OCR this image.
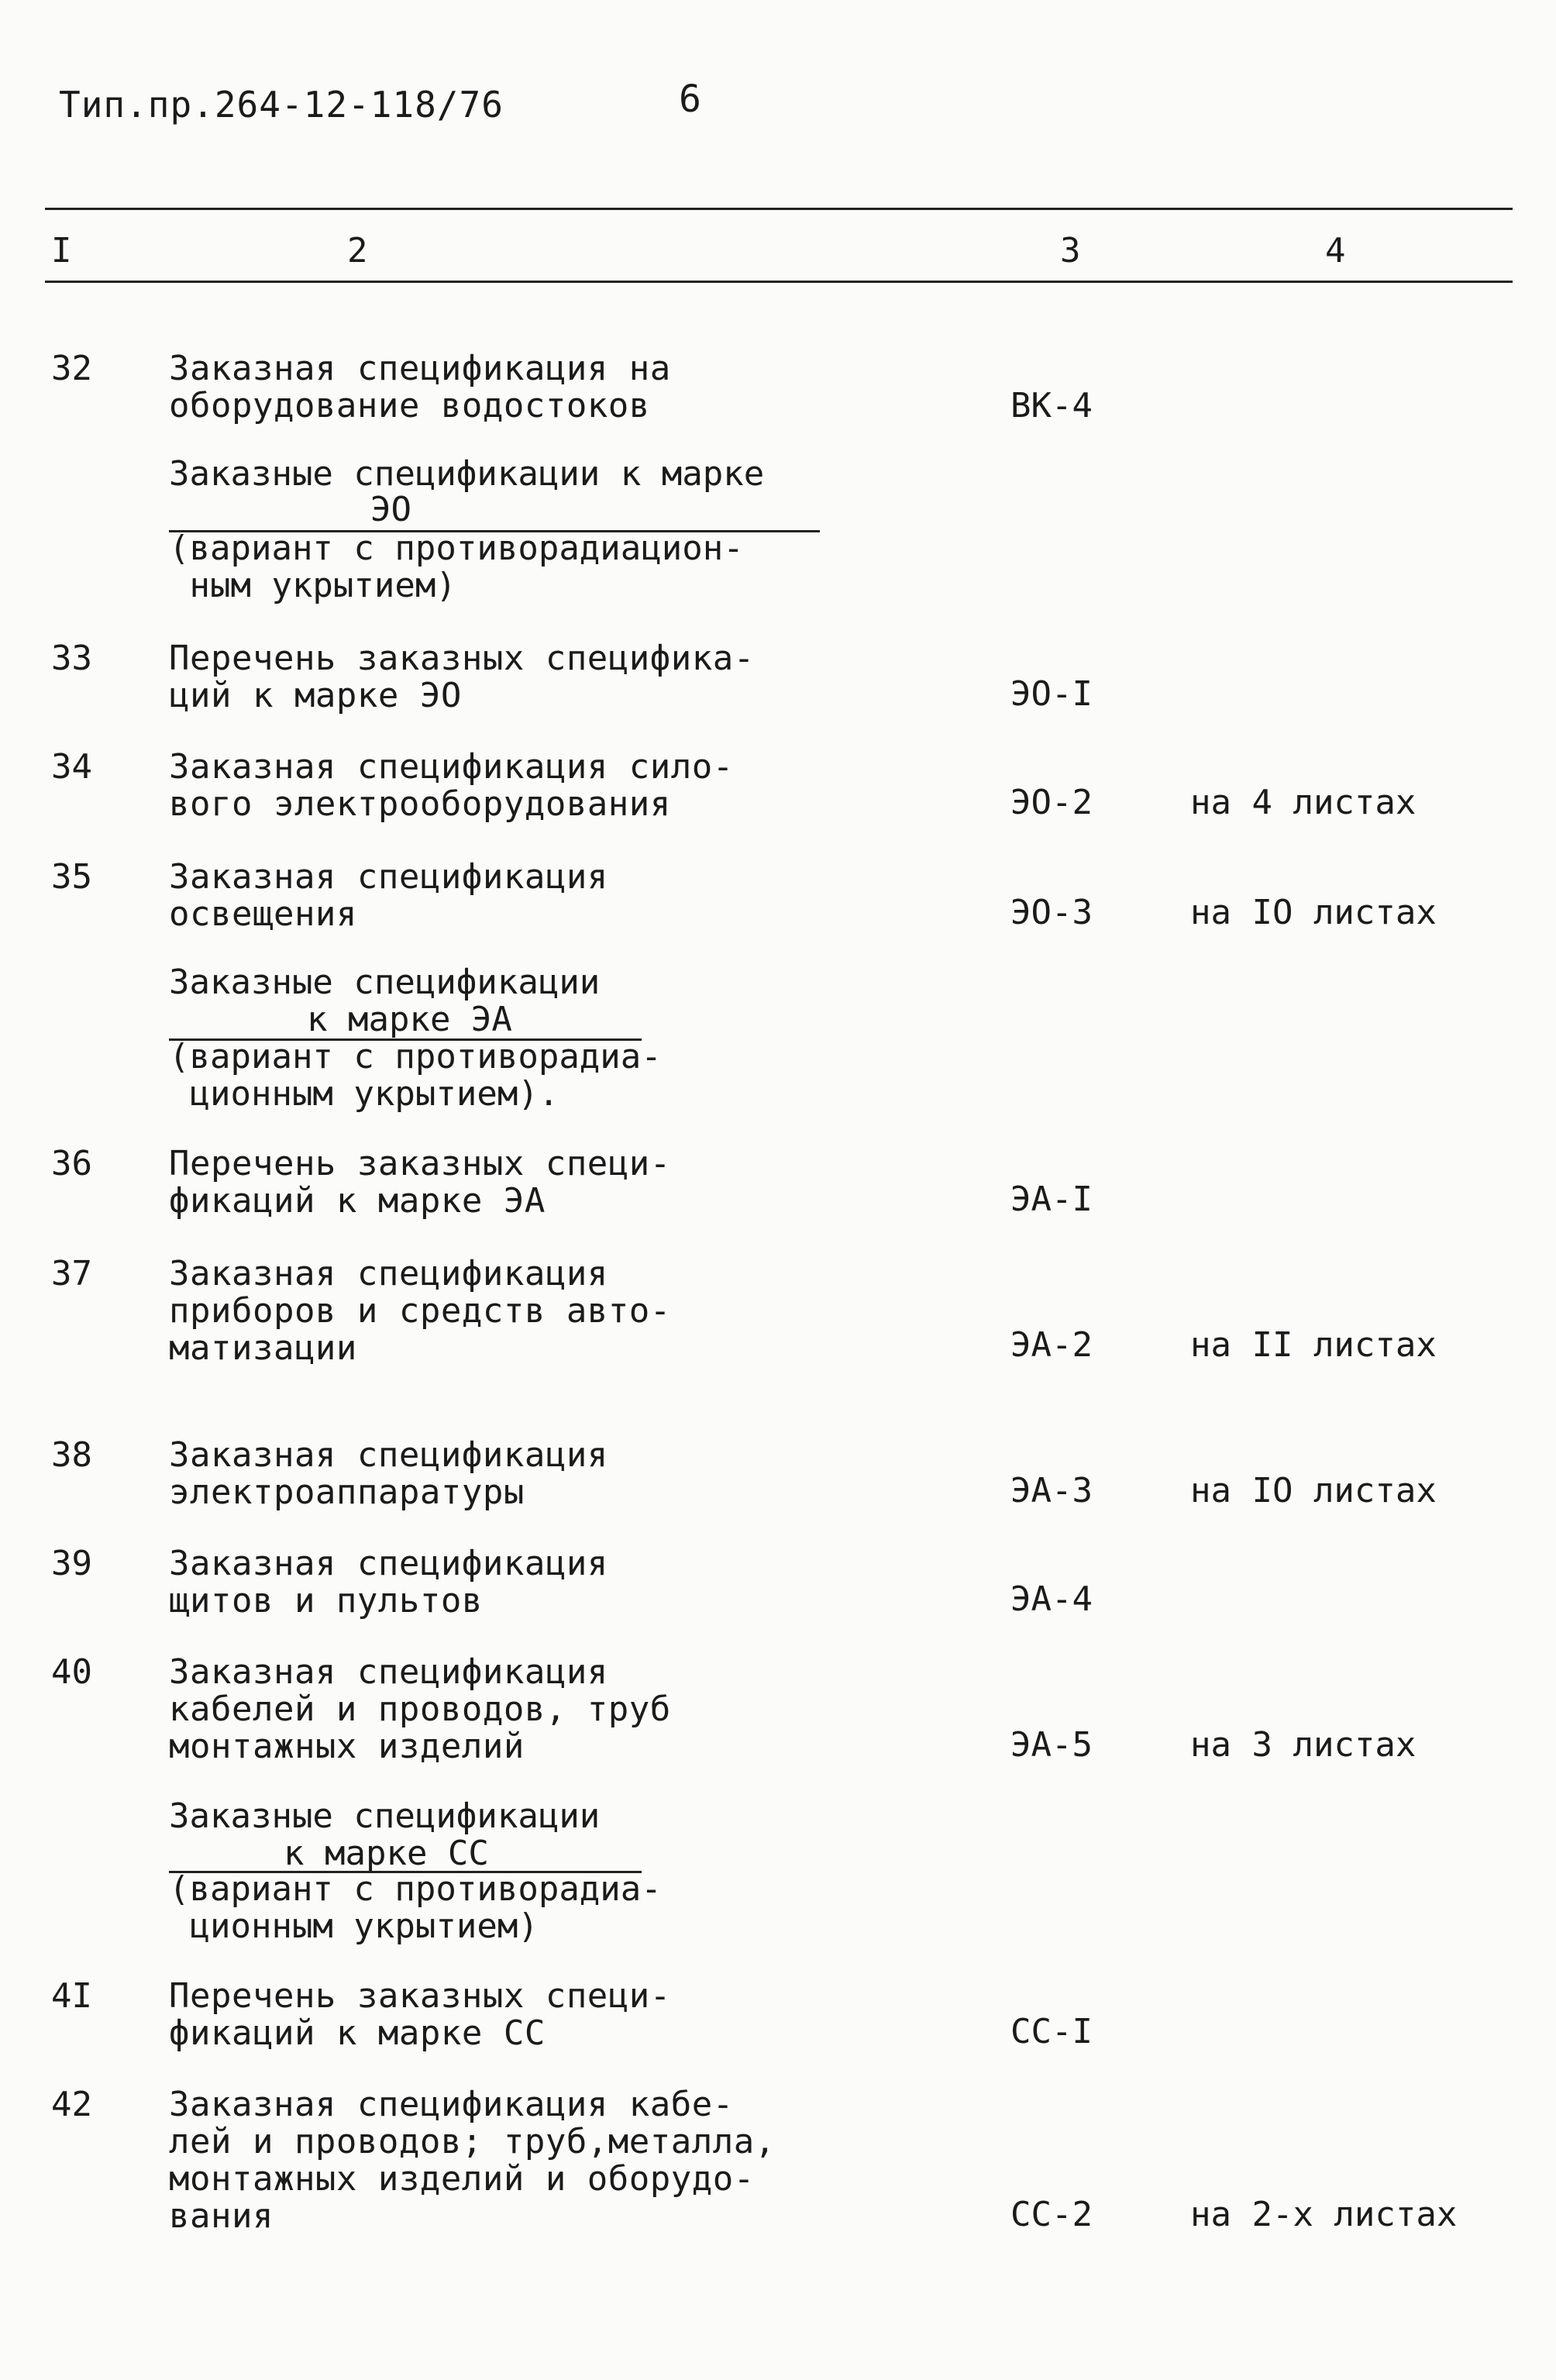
Тип.пр.264-12-118/76	6
I	2	3	4
32 Заказная спецификация на
оборудование водостоков	ВК-4
Заказные спецификации к марке
ЭО
(вариант с противорадиацион-
ным укрытием)
33 Перечень заказных спецификa-
ций к марке ЭО	ЭО-I
34 Заказная спецификация сило-
вого электрооборудования	ЭО-2	на 4 листах
35 Заказная спецификация
освещения	ЭО-3	на IO листах
Заказные спецификации
к марке ЭА
(вариант с противорадиа-
ционным укрытием).
36 Перечень заказных специ-
фикаций к марке ЭА	ЭА-I
37 Заказная спецификация
приборов и средств авто-
матизации	ЭА-2	на II листах
38 Заказная спецификация
электроаппаратуры	ЭА-3	на IO листах
39 Заказная спецификация
щитов и пультов	ЭА-4
40 Заказная спецификация
кабелей и проводов, труб
монтажных изделий	ЭА-5	на 3 листах
Заказные спецификации
к марке СС
(вариант с противорадиа-
ционным укрытием)
4I Перечень заказных специ-
фикаций к марке СС	СС-I
42 Заказная спецификация кабе-
лей и проводов; труб,металла,
монтажных изделий и оборудо-
вания	СС-2	на 2-х листах
